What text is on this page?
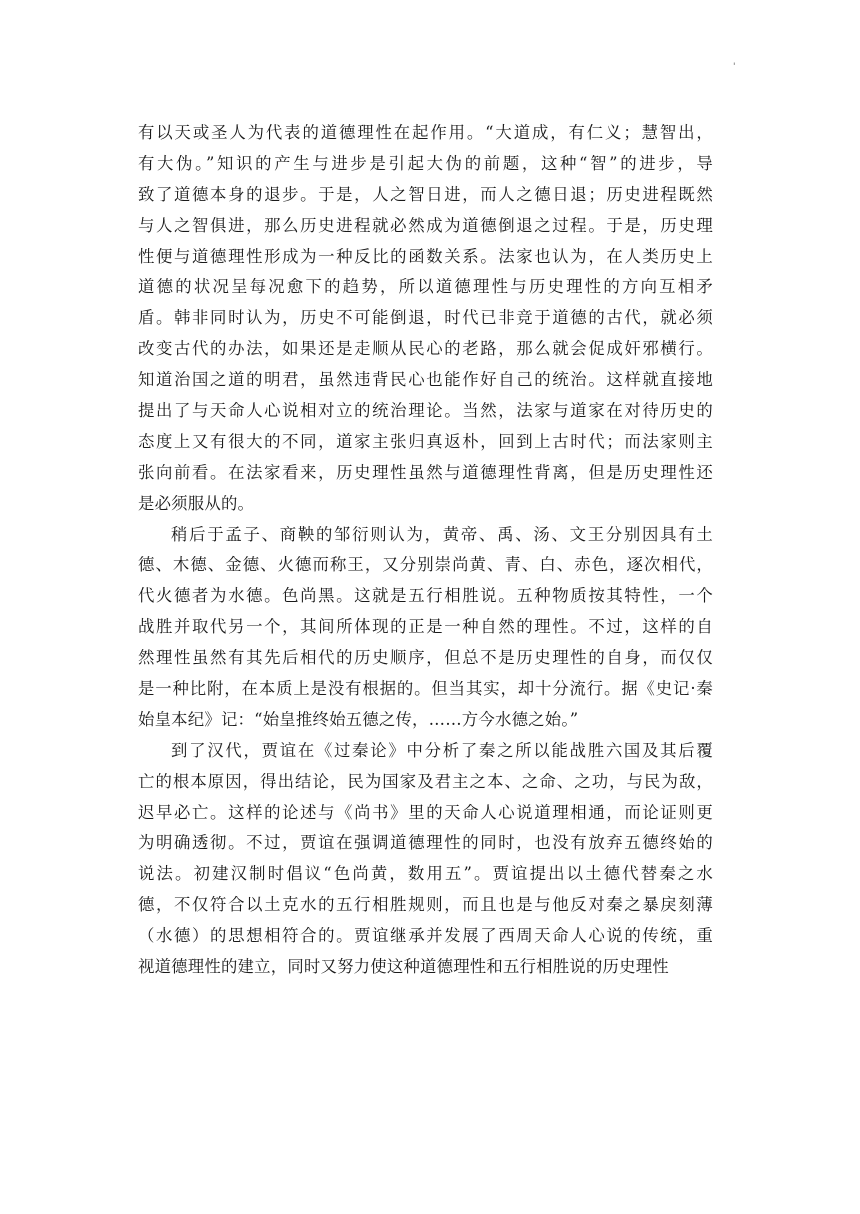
'
有以天或圣人为代表的道德理性在起作用。“大道成，有仁义；慧智出，
有大伪。”知识的产生与进步是引起大伪的前题，这种“智”的进步，导
致了道德本身的退步。于是，人之智日进，而人之德日退；历史进程既然
与人之智俱进，那么历史进程就必然成为道德倒退之过程。于是，历史理
性便与道德理性形成为一种反比的函数关系。法家也认为，在人类历史上
道德的状况呈每况愈下的趋势，所以道德理性与历史理性的方向互相矛
盾。韩非同时认为，历史不可能倒退，时代已非竞于道德的古代，就必须
改变古代的办法，如果还是走顺从民心的老路，那么就会促成奸邪横行。
知道治国之道的明君，虽然违背民心也能作好自己的统治。这样就直接地
提出了与天命人心说相对立的统治理论。当然，法家与道家在对待历史的
态度上又有很大的不同，道家主张归真返朴，回到上古时代；而法家则主
张向前看。在法家看来，历史理性虽然与道德理性背离，但是历史理性还
是必须服从的。
稍后于孟子、商鞅的邹衍则认为，黄帝、禹、汤、文王分别因具有土
德、木德、金德、火德而称王，又分别崇尚黄、青、白、赤色，逐次相代，
代火德者为水德。色尚黑。这就是五行相胜说。五种物质按其特性，一个
战胜并取代另一个，其间所体现的正是一种自然的理性。不过，这样的自
然理性虽然有其先后相代的历史顺序，但总不是历史理性的自身，而仅仅
是一种比附，在本质上是没有根据的。但当其实，却十分流行。据《史记·秦
始皇本纪》记：“始皇推终始五德之传，……方今水德之始。”
到了汉代，贾谊在《过秦论》中分析了秦之所以能战胜六国及其后覆
亡的根本原因，得出结论，民为国家及君主之本、之命、之功，与民为敌，
迟早必亡。这样的论述与《尚书》里的天命人心说道理相通，而论证则更
为明确透彻。不过，贾谊在强调道德理性的同时，也没有放弃五德终始的
说法。初建汉制时倡议“色尚黄，数用五”。贾谊提出以土德代替秦之水
德，不仅符合以土克水的五行相胜规则，而且也是与他反对秦之暴戾刻薄
（水德）的思想相符合的。贾谊继承并发展了西周天命人心说的传统，重
视道德理性的建立，同时又努力使这种道德理性和五行相胜说的历史理性
